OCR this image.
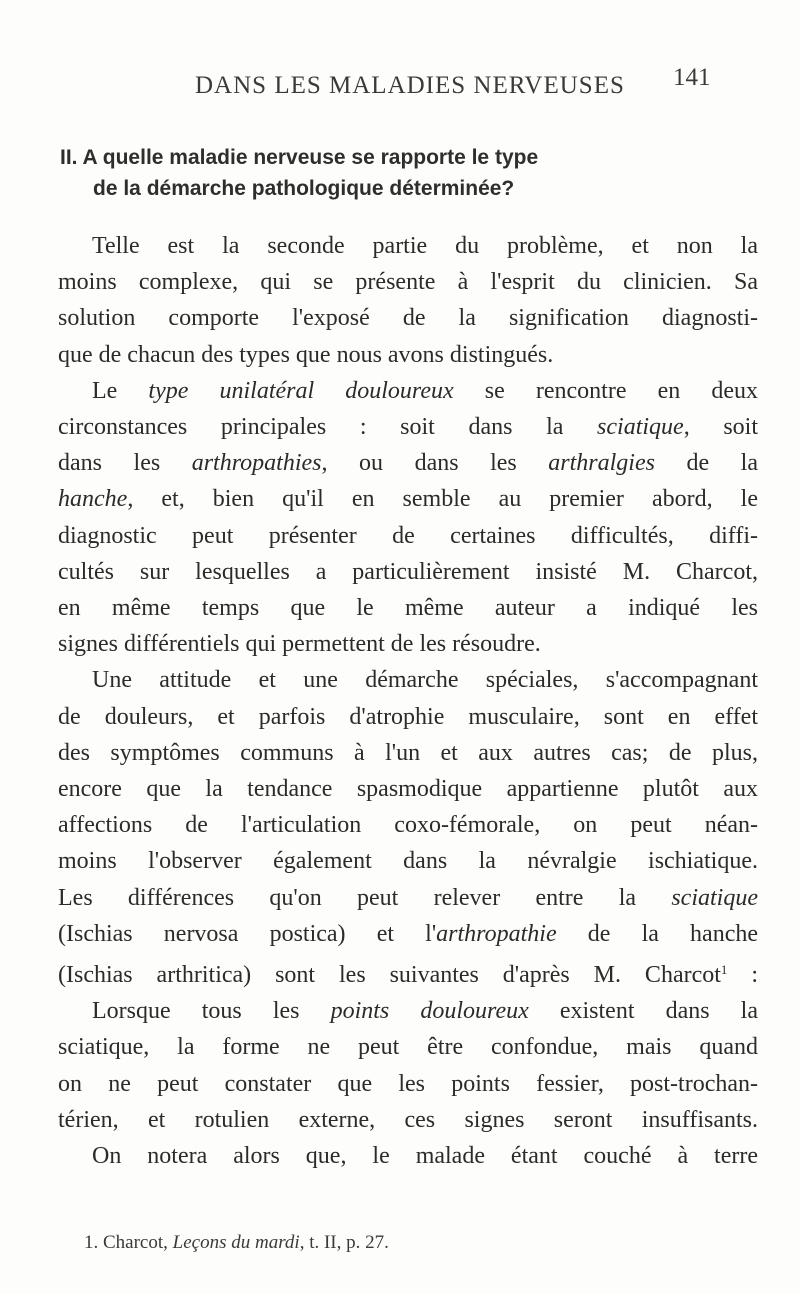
DANS LES MALADIES NERVEUSES 141
II. A quelle maladie nerveuse se rapporte le type
de la démarche pathologique déterminée?
Telle est la seconde partie du problème, et non la
moins complexe, qui se présente à l'esprit du clinicien. Sa
solution comporte l'exposé de la signification diagnosti-
que de chacun des types que nous avons distingués.
Le type unilatéral douloureux se rencontre en deux
circonstances principales : soit dans la sciatique, soit
dans les arthropathies, ou dans les arthralgies de la
hanche, et, bien qu'il en semble au premier abord, le
diagnostic peut présenter de certaines difficultés, diffi-
cultés sur lesquelles a particulièrement insisté M. Charcot,
en même temps que le même auteur a indiqué les
signes différentiels qui permettent de les résoudre.
Une attitude et une démarche spéciales, s'accompagnant
de douleurs, et parfois d'atrophie musculaire, sont en effet
des symptômes communs à l'un et aux autres cas; de plus,
encore que la tendance spasmodique appartienne plutôt aux
affections de l'articulation coxo-fémorale, on peut néan-
moins l'observer également dans la névralgie ischiatique.
Les différences qu'on peut relever entre la sciatique
(Ischias nervosa postica) et l'arthropathie de la hanche
(Ischias arthritica) sont les suivantes d'après M. Charcot$^1$ :
Lorsque tous les points douloureux existent dans la
sciatique, la forme ne peut être confondue, mais quand
on ne peut constater que les points fessier, post-trochan-
térien, et rotulien externe, ces signes seront insuffisants.
On notera alors que, le malade étant couché à terre
1. Charcot, Leçons du mardi, t. II, p. 27.
